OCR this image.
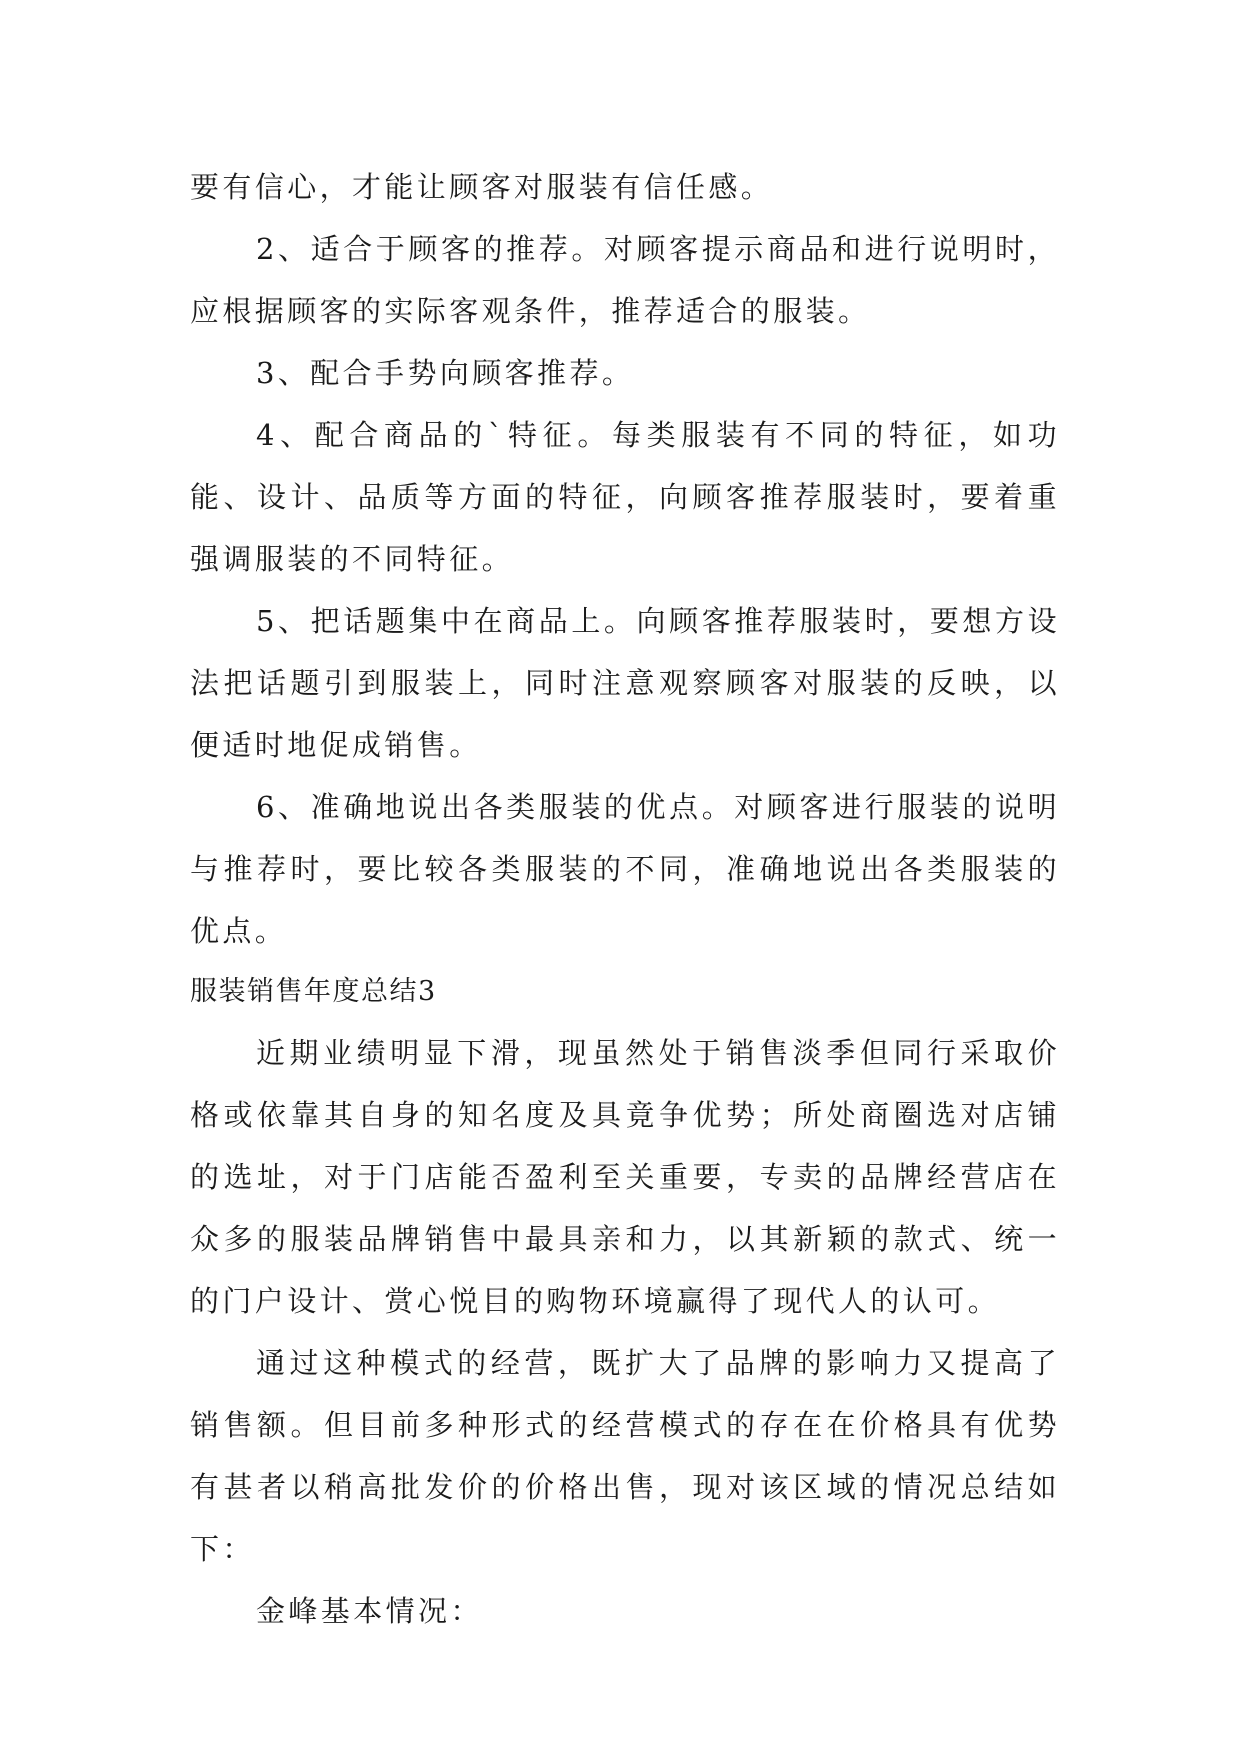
要有信心，才能让顾客对服装有信任感。

2、适合于顾客的推荐。对顾客提示商品和进行说明时，应根据顾客的实际客观条件，推荐适合的服装。

3、配合手势向顾客推荐。

4、配合商品的`特征。每类服装有不同的特征，如功能、设计、品质等方面的特征，向顾客推荐服装时，要着重强调服装的不同特征。

5、把话题集中在商品上。向顾客推荐服装时，要想方设法把话题引到服装上，同时注意观察顾客对服装的反映，以便适时地促成销售。

6、准确地说出各类服装的优点。对顾客进行服装的说明与推荐时，要比较各类服装的不同，准确地说出各类服装的优点。

服装销售年度总结3

近期业绩明显下滑，现虽然处于销售淡季但同行采取价格或依靠其自身的知名度及具竟争优势；所处商圈选对店铺的选址，对于门店能否盈利至关重要，专卖的品牌经营店在众多的服装品牌销售中最具亲和力，以其新颖的款式、统一的门户设计、赏心悦目的购物环境赢得了现代人的认可。

通过这种模式的经营，既扩大了品牌的影响力又提高了销售额。但目前多种形式的经营模式的存在在价格具有优势有甚者以稍高批发价的价格出售，现对该区域的情况总结如下：

金峰基本情况：
